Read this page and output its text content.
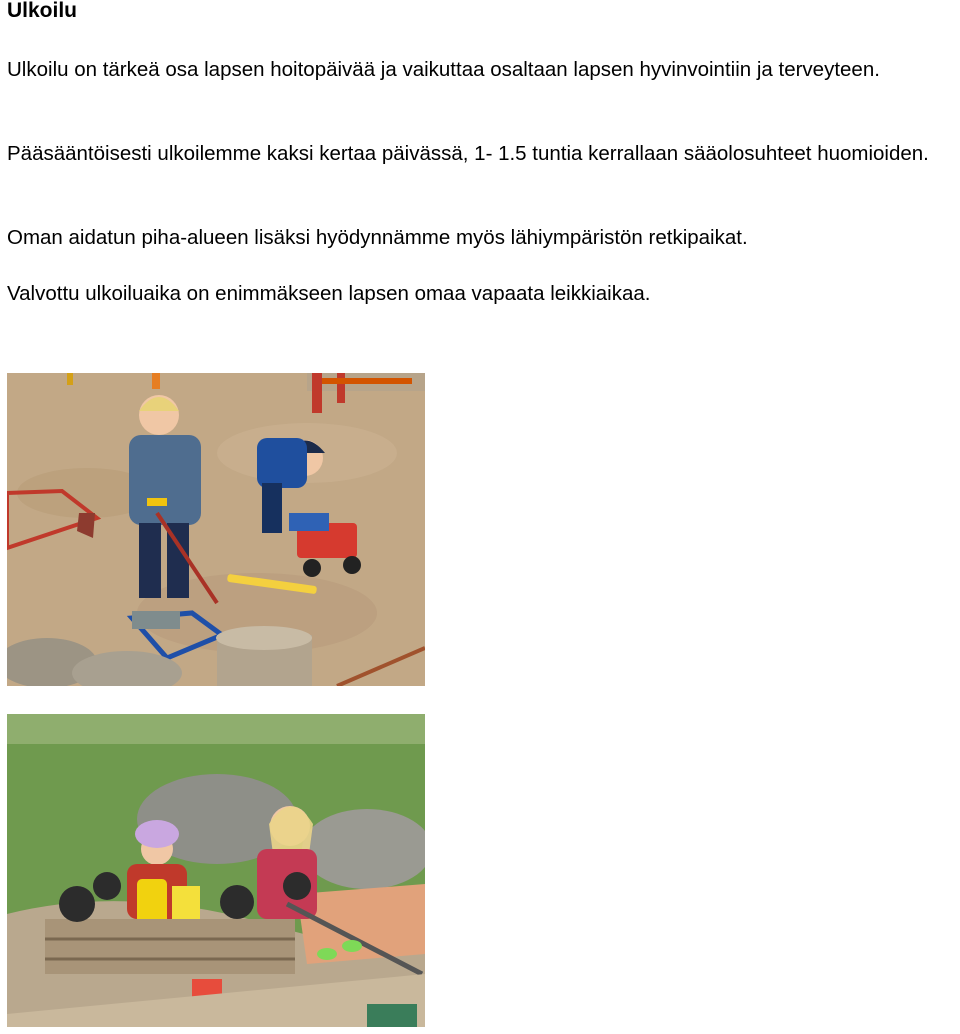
Ulkoilu

Ulkoilu on tärkeä osa lapsen hoitopäivää ja vaikuttaa osaltaan lapsen hyvinvointiin ja terveyteen.

Pääsääntöisesti ulkoilemme kaksi kertaa päivässä, 1- 1.5 tuntia kerrallaan sääolosuhteet huomioiden.

Oman aidatun piha-alueen lisäksi hyödynnämme myös lähiympäristön retkipaikat.

Valvottu ulkoiluaika on enimmäkseen lapsen omaa vapaata leikkiaikaa.
